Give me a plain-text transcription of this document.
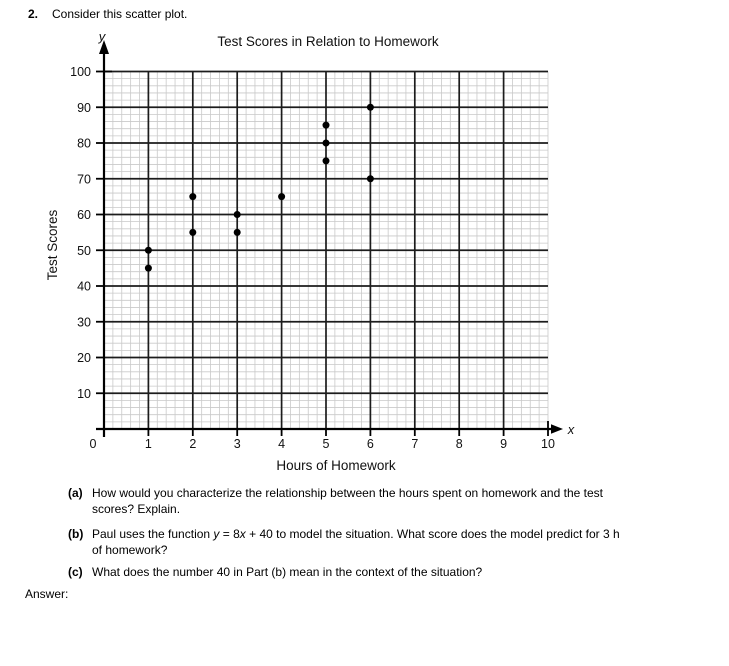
Test Scores in Relation to Homework
y
x
Hours of Homework
Test Scores
0	1	2	3	4	5	6	7	8	9	10
10
20
30
40
50
60
70
80
90
100
2. Consider this scatter plot.
(a) How would you characterize the relationship between the hours spent on homework and the test
scores? Explain.
(b) Paul uses the function y = 8x + 40 to model the situation. What score does the model predict for 3 h
of homework?
(c) What does the number 40 in Part (b) mean in the context of the situation?
Answer:
